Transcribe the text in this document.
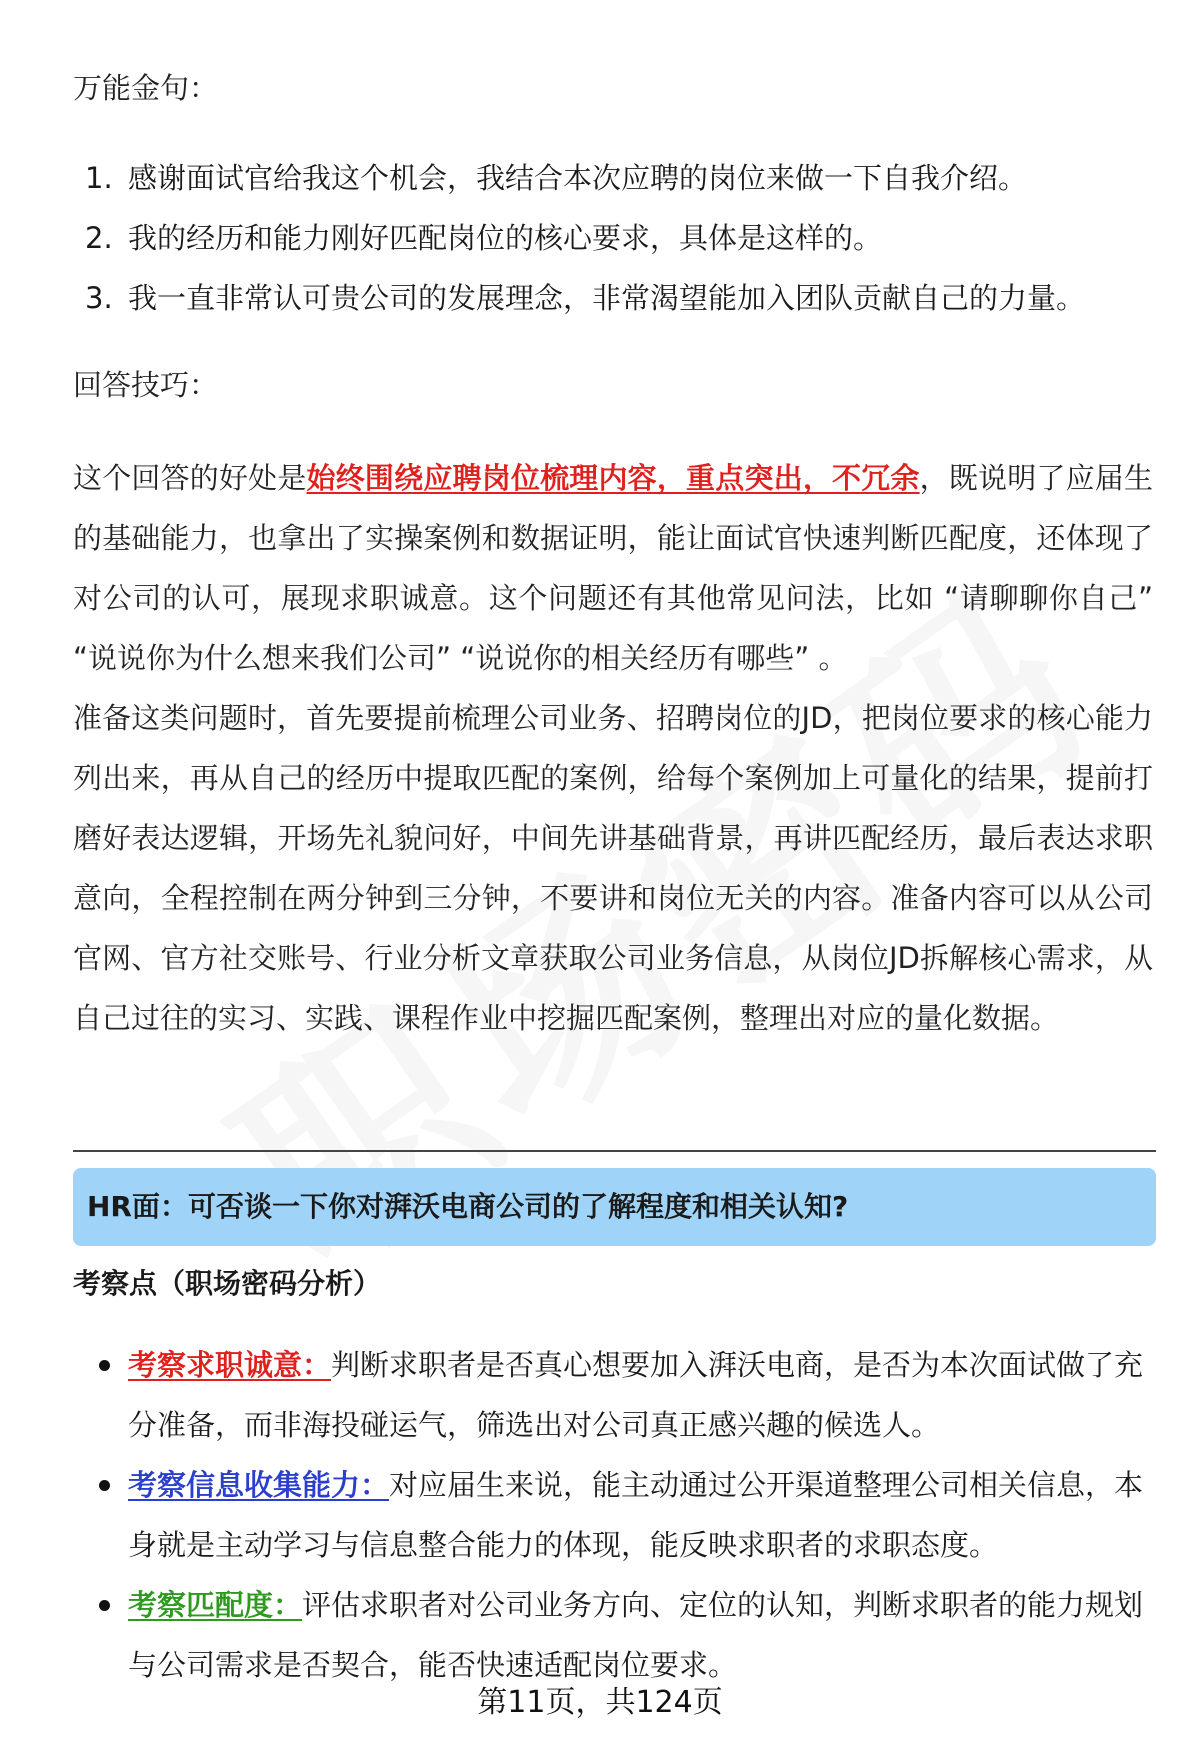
万能金句：
1. 感谢面试官给我这个机会，我结合本次应聘的岗位来做一下自我介绍。
2. 我的经历和能力刚好匹配岗位的核心要求，具体是这样的。
3. 我一直非常认可贵公司的发展理念，非常渴望能加入团队贡献自己的力量。
回答技巧：
这个回答的好处是始终围绕应聘岗位梳理内容，重点突出，不冗余，既说明了应届生的基础能力，也拿出了实操案例和数据证明，能让面试官快速判断匹配度，还体现了对公司的认可，展现求职诚意。这个问题还有其他常见问法，比如 “请聊聊你自己” “说说你为什么想来我们公司” “说说你的相关经历有哪些” 。
准备这类问题时，首先要提前梳理公司业务、招聘岗位的JD，把岗位要求的核心能力列出来，再从自己的经历中提取匹配的案例，给每个案例加上可量化的结果，提前打磨好表达逻辑，开场先礼貌问好，中间先讲基础背景，再讲匹配经历，最后表达求职意向，全程控制在两分钟到三分钟，不要讲和岗位无关的内容。准备内容可以从公司官网、官方社交账号、行业分析文章获取公司业务信息，从岗位JD拆解核心需求，从自己过往的实习、实践、课程作业中挖掘匹配案例，整理出对应的量化数据。
HR面：可否谈一下你对湃沃电商公司的了解程度和相关认知?
考察点（职场密码分析）
考察求职诚意：判断求职者是否真心想要加入湃沃电商，是否为本次面试做了充分准备，而非海投碰运气，筛选出对公司真正感兴趣的候选人。
考察信息收集能力：对应届生来说，能主动通过公开渠道整理公司相关信息，本身就是主动学习与信息整合能力的体现，能反映求职者的求职态度。
考察匹配度：评估求职者对公司业务方向、定位的认知，判断求职者的能力规划与公司需求是否契合，能否快速适配岗位要求。
第11页，共124页
